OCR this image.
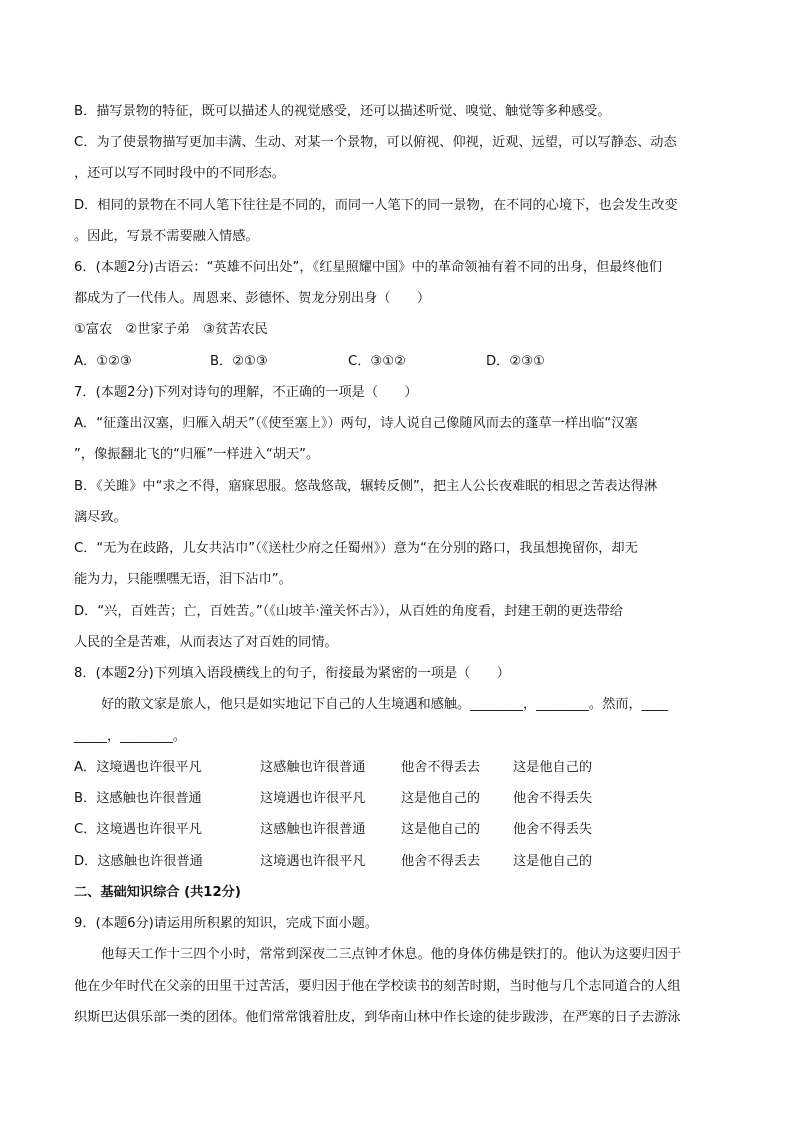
B．描写景物的特征，既可以描述人的视觉感受，还可以描述听觉、嗅觉、触觉等多种感受。
C．为了使景物描写更加丰满、生动、对某一个景物，可以俯视、仰视，近观、远望，可以写静态、动态
，还可以写不同时段中的不同形态。
D．相同的景物在不同人笔下往往是不同的，而同一人笔下的同一景物，在不同的心境下，也会发生改变
。因此，写景不需要融入情感。
6．(本题2分)古语云：“英雄不问出处”，《红星照耀中国》中的革命领袖有着不同的出身，但最终他们
都成为了一代伟人。周恩来、彭德怀、贺龙分别出身（　　）
①富农　②世家子弟　③贫苦农民

A．①②③

	B．②①③

	C．③①②

	D．②③①

7．(本题2分)下列对诗句的理解，不正确的一项是（　　）
A．“征蓬出汉塞，归雁入胡天”（《使至塞上》）两句，诗人说自己像随风而去的蓬草一样出临“汉塞
”，像振翻北飞的“归雁”一样进入“胡天”。
B．《关雎》中“求之不得，寤寐思服。悠哉悠哉，辗转反侧”，把主人公长夜难眠的相思之苦表达得淋
漓尽致。
C．“无为在歧路，儿女共沾巾”（《送杜少府之任蜀州》）意为“在分别的路口，我虽想挽留你，却无
能为力，只能嘿嘿无语，泪下沾巾”。
D．“兴，百姓苦；亡，百姓苦。”（《山坡羊·潼关怀古》），从百姓的角度看，封建王朝的更迭带给
人民的全是苦难，从而表达了对百姓的同情。
8．(本题2分)下列填入语段横线上的句子，衔接最为紧密的一项是（　　）
好的散文家是旅人，他只是如实地记下自己的人生境遇和感触。________，________。然而，____
_____，________。

A．这境遇也许很平凡

	这感触也许很普通

	他舍不得丢去

这是他自己的

B．这感触也许很普通

	这境遇也许很平凡

	这是他自己的

他舍不得丢失

C．这境遇也许很平凡

	这感触也许很普通

	这是他自己的

他舍不得丢失

D．这感触也许很普通

	这境遇也许很平凡

	他舍不得丢去

这是他自己的

二、基础知识综合 (共12分)
9．(本题6分)请运用所积累的知识，完成下面小题。
他每天工作十三四个小时，常常到深夜二三点钟才休息。他的身体仿佛是铁打的。他认为这要归因于
他在少年时代在父亲的田里干过苦活，要归因于他在学校读书的刻苦时期，当时他与几个志同道合的人组
织斯巴达俱乐部一类的团体。他们常常饿着肚皮，到华南山林中作长途的徒步跋涉，在严寒的日子去游泳
